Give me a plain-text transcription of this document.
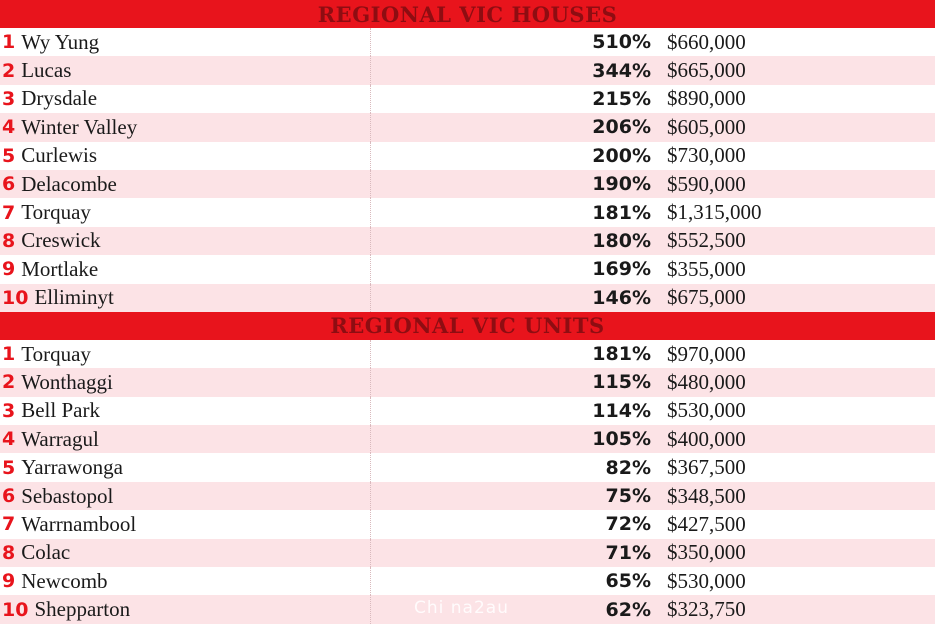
REGIONAL VIC HOUSES
1 Wy Yung	510% $660,000
2 Lucas	344% $665,000
3 Drysdale	215% $890,000
4 Winter Valley	206% $605,000
5 Curlewis	200% $730,000
6 Delacombe	190% $590,000
7 Torquay	181% $1,315,000
8 Creswick	180% $552,500
9 Mortlake	169% $355,000
10 Elliminyt	146% $675,000
REGIONAL VIC UNITS
1 Torquay	181% $970,000
2 Wonthaggi	115% $480,000
3 Bell Park	114% $530,000
4 Warragul	105% $400,000
5 Yarrawonga	82% $367,500
6 Sebastopol	75% $348,500
7 Warrnambool	72% $427,500
8 Colac	71% $350,000
9 Newcomb	65% $530,000
10 Shepparton	62% $323,750
Chi na2au
